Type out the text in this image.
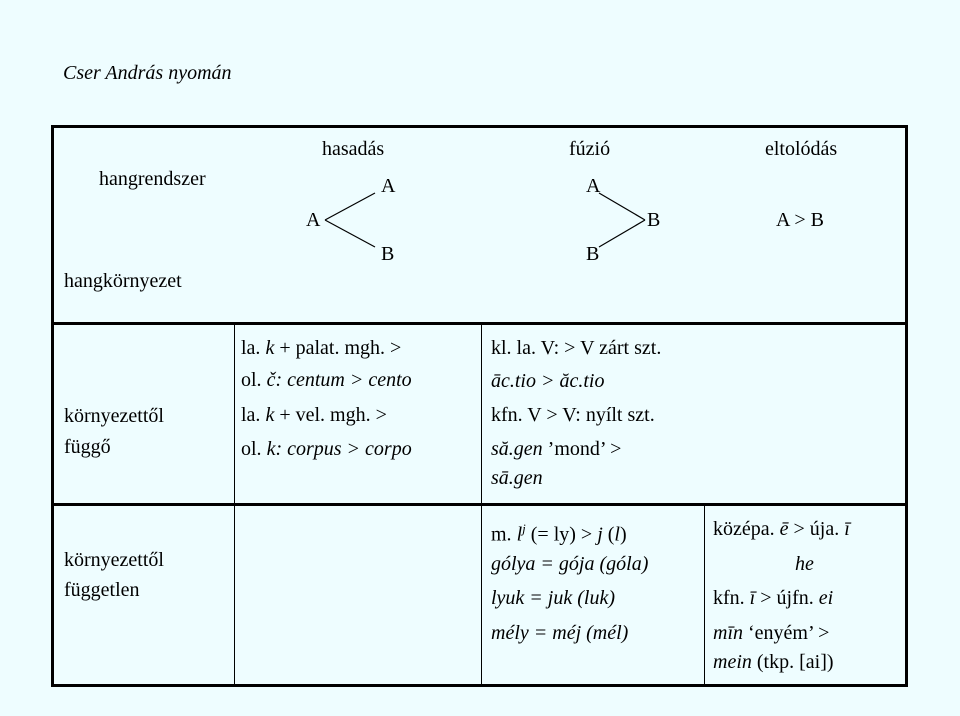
Cser András nyomán
hangrendszer
hangkörnyezet
hasadás
A
A
B
fúzió
A
B
B
eltolódás
A > B
környezettől
függő
la. k + palat. mgh. >
ol. č: centum > cento
la. k + vel. mgh. >
ol. k: corpus > corpo
kl. la. V: > V zárt szt.
āc.tio > ăc.tio
kfn. V > V: nyílt szt.
să.gen ’mond’ >
sā.gen
környezettől
független
m. $l^j$ (= ly) > j (l)
gólya = gója (góla)
lyuk = juk (luk)
mély = méj (mél)
középa. ē > újа. ī
he
kfn. ī > újfn. ei
mīn ‘enyém’ >
mein (tkp. [ai])
